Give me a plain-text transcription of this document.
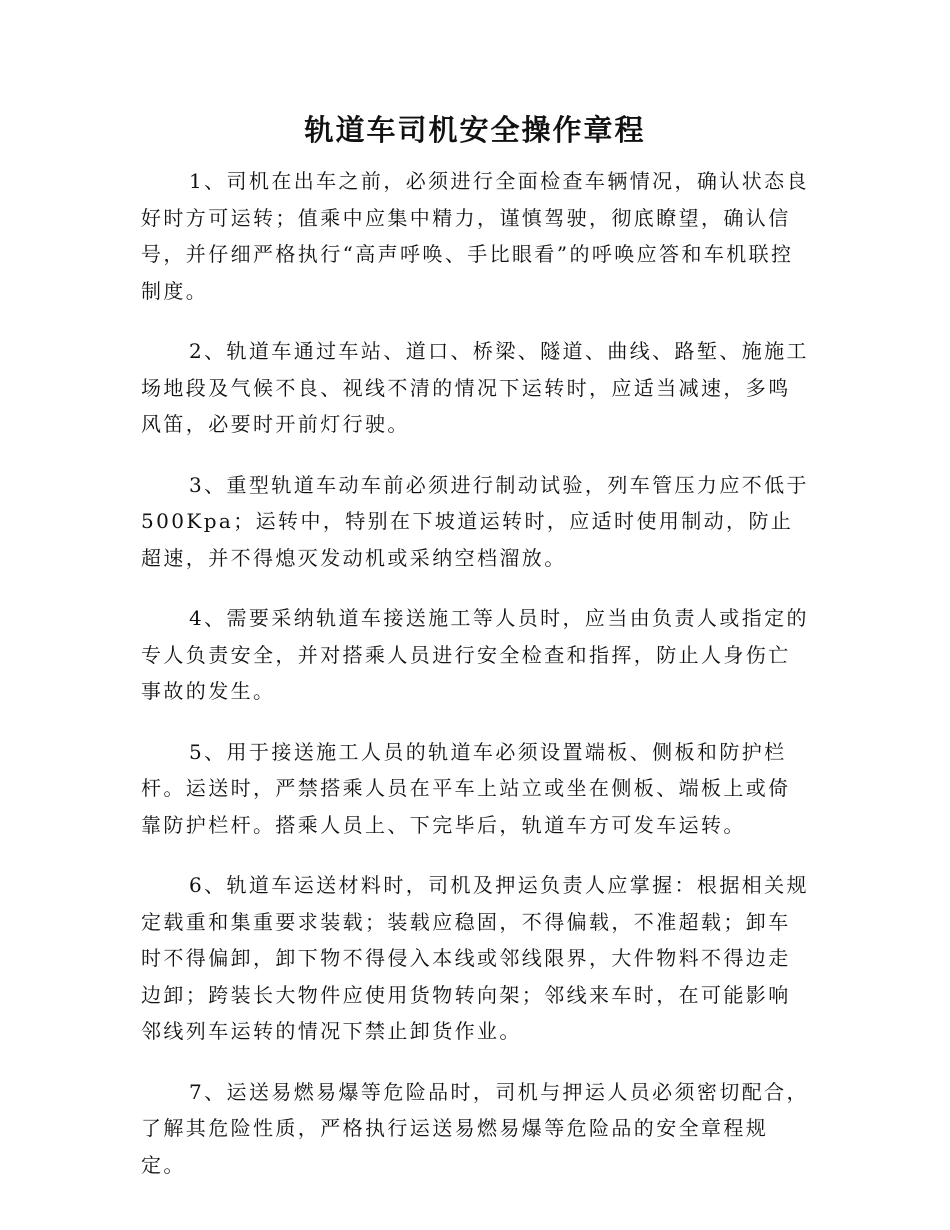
轨道车司机安全操作章程

1、司机在出车之前，必须进行全面检查车辆情况，确认状态良好时方可运转；值乘中应集中精力，谨慎驾驶，彻底瞭望，确认信号，并仔细严格执行“高声呼唤、手比眼看”的呼唤应答和车机联控制度。

2、轨道车通过车站、道口、桥梁、隧道、曲线、路堑、施施工场地段及气候不良、视线不清的情况下运转时，应适当减速，多鸣风笛，必要时开前灯行驶。

3、重型轨道车动车前必须进行制动试验，列车管压力应不低于500Kpa；运转中，特别在下坡道运转时，应适时使用制动，防止超速，并不得熄灭发动机或采纳空档溜放。

4、需要采纳轨道车接送施工等人员时，应当由负责人或指定的专人负责安全，并对搭乘人员进行安全检查和指挥，防止人身伤亡事故的发生。

5、用于接送施工人员的轨道车必须设置端板、侧板和防护栏杆。运送时，严禁搭乘人员在平车上站立或坐在侧板、端板上或倚靠防护栏杆。搭乘人员上、下完毕后，轨道车方可发车运转。

6、轨道车运送材料时，司机及押运负责人应掌握：根据相关规定载重和集重要求装载；装载应稳固，不得偏载，不准超载；卸车时不得偏卸，卸下物不得侵入本线或邻线限界，大件物料不得边走边卸；跨装长大物件应使用货物转向架；邻线来车时，在可能影响邻线列车运转的情况下禁止卸货作业。

7、运送易燃易爆等危险品时，司机与押运人员必须密切配合，了解其危险性质，严格执行运送易燃易爆等危险品的安全章程规定。
